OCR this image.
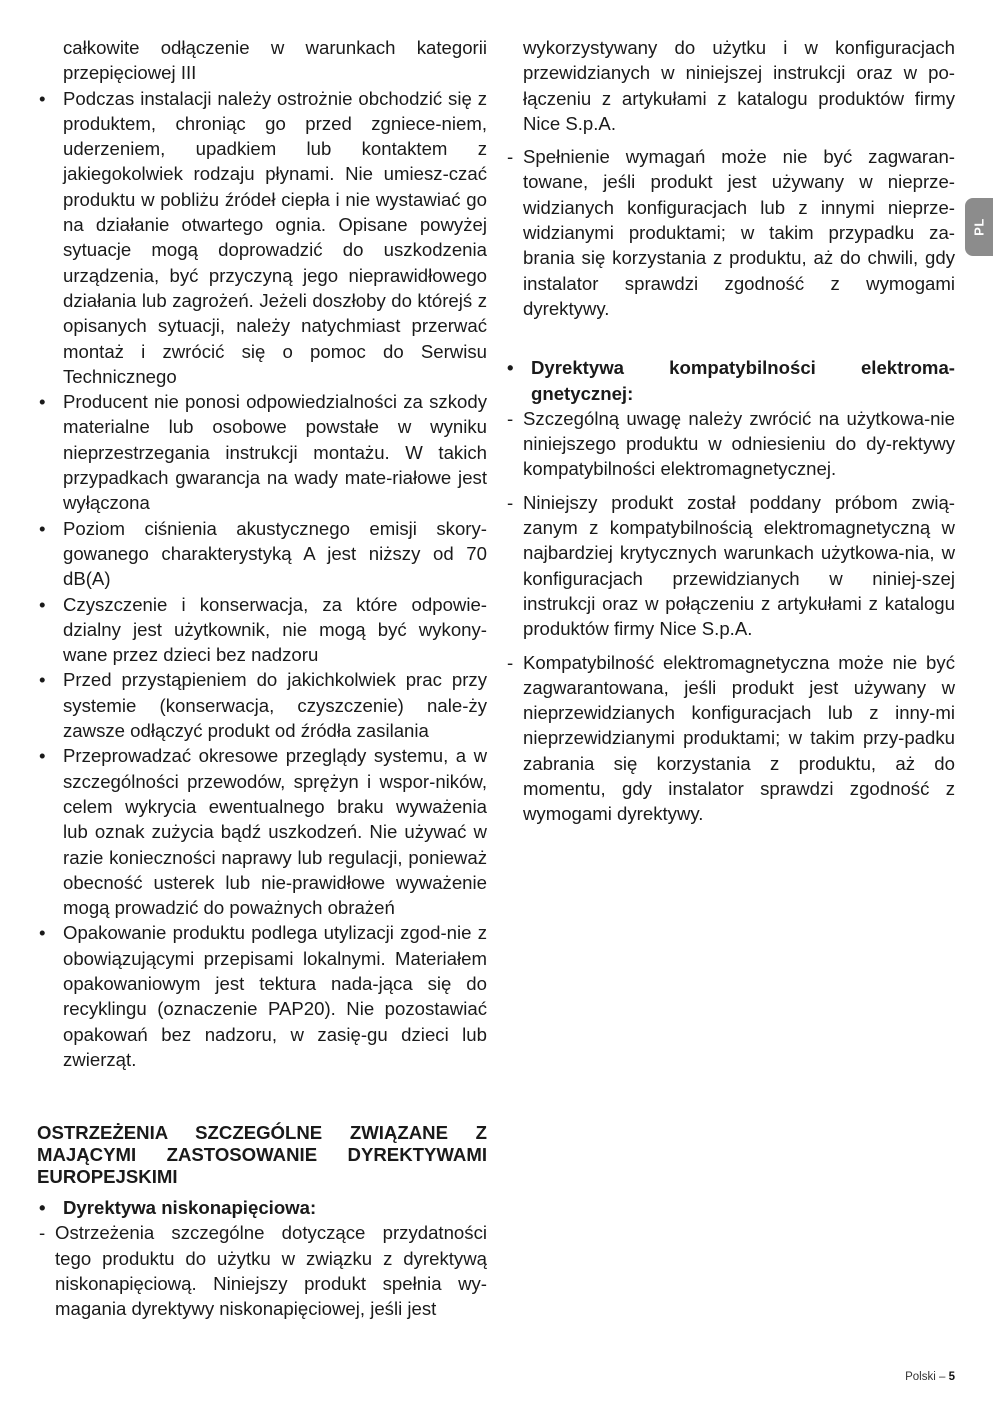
całkowite odłączenie w warunkach kategorii przepięciowej III

• Podczas instalacji należy ostrożnie obchodzić się z produktem, chroniąc go przed zgniece-niem, uderzeniem, upadkiem lub kontaktem z jakiegokolwiek rodzaju płynami. Nie umiesz-czać produktu w pobliżu źródeł ciepła i nie wystawiać go na działanie otwartego ognia. Opisane powyżej sytuacje mogą doprowadzić do uszkodzenia urządzenia, być przyczyną jego nieprawidłowego działania lub zagrożeń. Jeżeli doszłoby do którejś z opisanych sytuacji, należy natychmiast przerwać montaż i zwrócić się o pomoc do Serwisu Technicznego

• Producent nie ponosi odpowiedzialności za szkody materialne lub osobowe powstałe w wyniku nieprzestrzegania instrukcji montażu. W takich przypadkach gwarancja na wady mate-riałowe jest wyłączona

• Poziom ciśnienia akustycznego emisji skory-gowanego charakterystyką A jest niższy od 70 dB(A)

• Czyszczenie i konserwacja, za które odpowie-dzialny jest użytkownik, nie mogą być wykony-wane przez dzieci bez nadzoru

• Przed przystąpieniem do jakichkolwiek prac przy systemie (konserwacja, czyszczenie) nale-ży zawsze odłączyć produkt od źródła zasilania

• Przeprowadzać okresowe przeglądy systemu, a w szczególności przewodów, sprężyn i wspor-ników, celem wykrycia ewentualnego braku wyważenia lub oznak zużycia bądź uszkodzeń. Nie używać w razie konieczności naprawy lub regulacji, ponieważ obecność usterek lub nie-prawidłowe wyważenie mogą prowadzić do poważnych obrażeń

• Opakowanie produktu podlega utylizacji zgod-nie z obowiązującymi przepisami lokalnymi. Materiałem opakowaniowym jest tektura nada-jąca się do recyklingu (oznaczenie PAP20). Nie pozostawiać opakowań bez nadzoru, w zasię-gu dzieci lub zwierząt.

OSTRZEŻENIA SZCZEGÓLNE ZWIĄZANE Z MAJĄCYMI ZASTOSOWANIE DYREKTYWAMI EUROPEJSKIMI

• Dyrektywa niskonapięciowa:

- Ostrzeżenia szczególne dotyczące przydatności tego produktu do użytku w związku z dyrektywą niskonapięciową. Niniejszy produkt spełnia wy-magania dyrektywy niskonapięciowej, jeśli jest

wykorzystywany do użytku i w konfiguracjach przewidzianych w niniejszej instrukcji oraz w po-łączeniu z artykułami z katalogu produktów firmy Nice S.p.A.

- Spełnienie wymagań może nie być zagwaran-towane, jeśli produkt jest używany w nieprze-widzianych konfiguracjach lub z innymi nieprze-widzianymi produktami; w takim przypadku za-brania się korzystania z produktu, aż do chwili, gdy instalator sprawdzi zgodność z wymogami dyrektywy.

• Dyrektywa kompatybilności elektroma-gnetycznej:

- Szczególną uwagę należy zwrócić na użytkowa-nie niniejszego produktu w odniesieniu do dy-rektywy kompatybilności elektromagnetycznej.

- Niniejszy produkt został poddany próbom zwią-zanym z kompatybilnością elektromagnetyczną w najbardziej krytycznych warunkach użytkowa-nia, w konfiguracjach przewidzianych w niniej-szej instrukcji oraz w połączeniu z artykułami z katalogu produktów firmy Nice S.p.A.

- Kompatybilność elektromagnetyczna może nie być zagwarantowana, jeśli produkt jest używany w nieprzewidzianych konfiguracjach lub z inny-mi nieprzewidzianymi produktami; w takim przy-padku zabrania się korzystania z produktu, aż do momentu, gdy instalator sprawdzi zgodność z wymogami dyrektywy.

PL
Polski – 5
